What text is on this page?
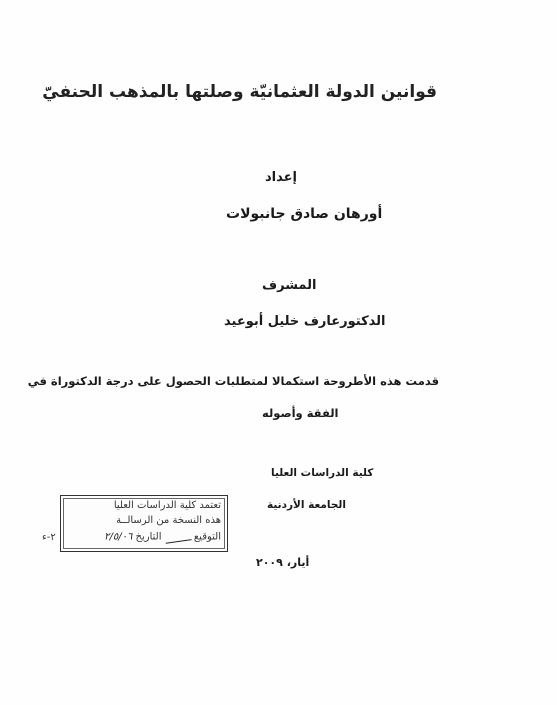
قوانين الدولة العثمانيّة وصلتها بالمذهب الحنفيّ
إعداد
أورهان صادق جانبولات
المشرف
الدكتورعارف خليل أبوعيد
قدمت هذه الأطروحة استكمالا لمتطلبات الحصول على درجة الدكتوراة في
الفقة وأصوله
كلية الدراسات العليا
الجامعة الأردنية
تعتمد كلية الدراسات العليا
هذه النسخة من الرسالــة
التوقيع  التاريخ ٢/٥/٠٦
٢-ء
أيار، ٢٠٠٩
